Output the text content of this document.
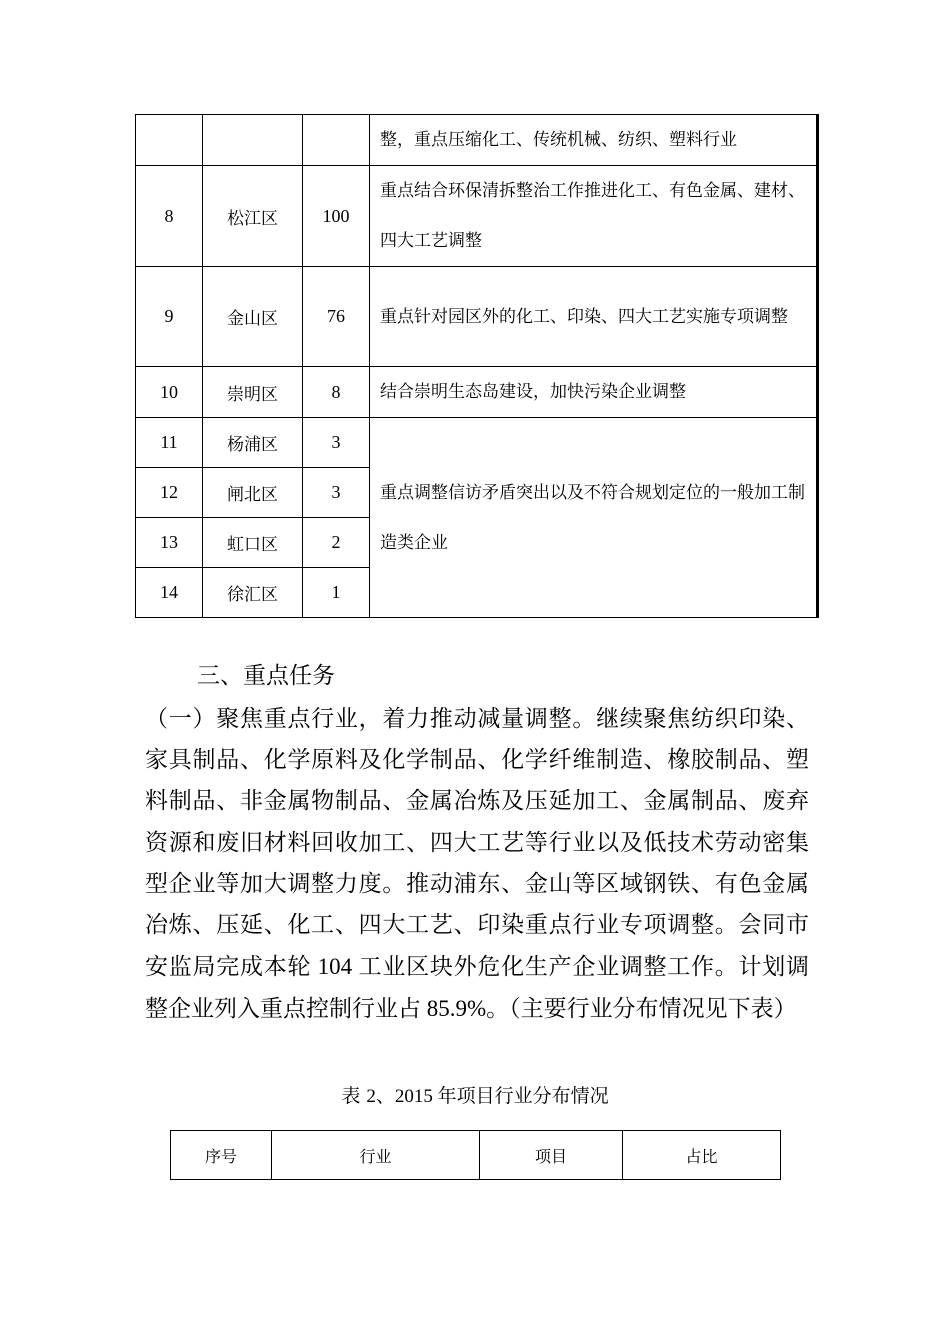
			整，重点压缩化工、传统机械、纺织、塑料行业
8	松江区	100	重点结合环保清拆整治工作推进化工、有色金属、建材、四大工艺调整
9	金山区	76	重点针对园区外的化工、印染、四大工艺实施专项调整
10	崇明区	8	结合崇明生态岛建设，加快污染企业调整
11	杨浦区	3	重点调整信访矛盾突出以及不符合规划定位的一般加工制造类企业
12	闸北区	3	
13	虹口区	2	
14	徐汇区	1	
三、重点任务
（一）聚焦重点行业，着力推动减量调整。继续聚焦纺织印染、家具制品、化学原料及化学制品、化学纤维制造、橡胶制品、塑料制品、非金属物制品、金属冶炼及压延加工、金属制品、废弃资源和废旧材料回收加工、四大工艺等行业以及低技术劳动密集型企业等加大调整力度。推动浦东、金山等区域钢铁、有色金属冶炼、压延、化工、四大工艺、印染重点行业专项调整。会同市安监局完成本轮 104 工业区块外危化生产企业调整工作。计划调整企业列入重点控制行业占 85.9%。（主要行业分布情况见下表）
表 2、2015 年项目行业分布情况
序号	行业	项目	占比
